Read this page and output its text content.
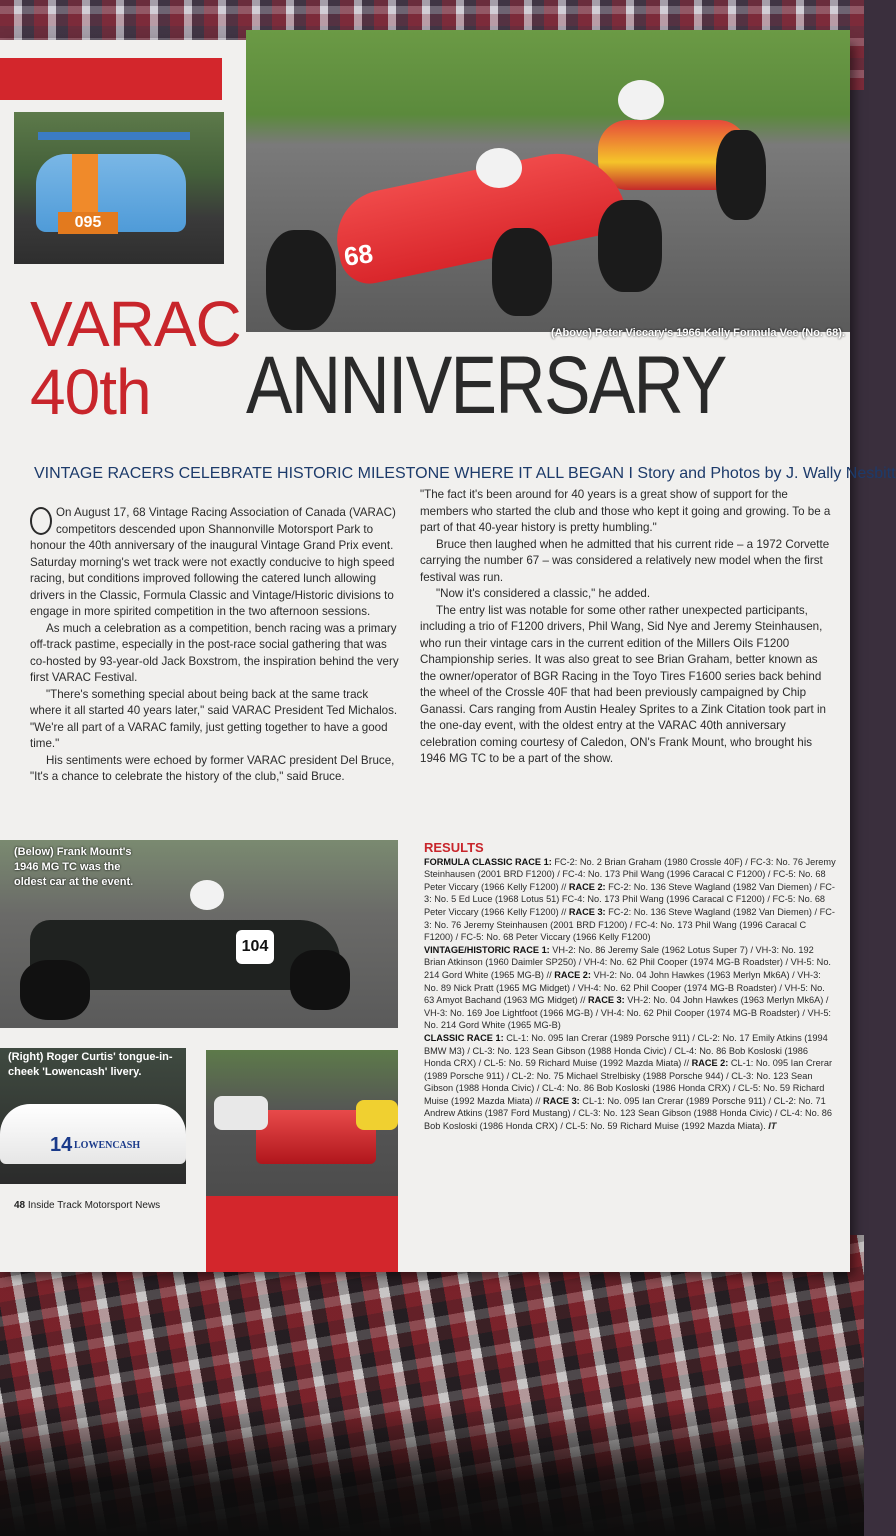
095
68
(Above) Peter Viccary's 1966 Kelly Formula Vee (No. 68).
VARAC
40th ANNIVERSARY
VINTAGE RACERS CELEBRATE HISTORIC MILESTONE WHERE IT ALL BEGAN I Story and Photos by J. Wally Nesbitt

On August 17, 68 Vintage Racing Association of Canada (VARAC) competitors descended upon Shannonville Motorsport Park to honour the 40th anniversary of the inaugural Vintage Grand Prix event. Saturday morning's wet track were not exactly conducive to high speed racing, but conditions improved following the catered lunch allowing drivers in the Classic, Formula Classic and Vintage/Historic divisions to engage in more spirited competition in the two afternoon sessions.

As much a celebration as a competition, bench racing was a primary off-track pastime, especially in the post-race social gathering that was co-hosted by 93-year-old Jack Boxstrom, the inspiration behind the very first VARAC Festival.

"There's something special about being back at the same track where it all started 40 years later," said VARAC President Ted Michalos. "We're all part of a VARAC family, just getting together to have a good time."

His sentiments were echoed by former VARAC president Del Bruce, "It's a chance to celebrate the history of the club," said Bruce.

"The fact it's been around for 40 years is a great show of support for the members who started the club and those who kept it going and growing. To be a part of that 40-year history is pretty humbling."

Bruce then laughed when he admitted that his current ride – a 1972 Corvette carrying the number 67 – was considered a relatively new model when the first festival was run.

"Now it's considered a classic," he added.

The entry list was notable for some other rather unexpected participants, including a trio of F1200 drivers, Phil Wang, Sid Nye and Jeremy Steinhausen, who run their vintage cars in the current edition of the Millers Oils F1200 Championship series. It was also great to see Brian Graham, better known as the owner/operator of BGR Racing in the Toyo Tires F1600 series back behind the wheel of the Crossle 40F that had been previously campaigned by Chip Ganassi. Cars ranging from Austin Healey Sprites to a Zink Citation took part in the one-day event, with the oldest entry at the VARAC 40th anniversary celebration coming courtesy of Caledon, ON's Frank Mount, who brought his 1946 MG TC to be a part of the show.

104
(Below) Frank Mount's 1946 MG TC was the oldest car at the event.
14 LOWENCASH
(Right) Roger Curtis' tongue-in-cheek 'Lowencash' livery.
48 Inside Track Motorsport News
RESULTS
FORMULA CLASSIC RACE 1: FC-2: No. 2 Brian Graham (1980 Crossle 40F) / FC-3: No. 76 Jeremy Steinhausen (2001 BRD F1200) / FC-4: No. 173 Phil Wang (1996 Caracal C F1200) / FC-5: No. 68 Peter Viccary (1966 Kelly F1200) // RACE 2: FC-2: No. 136 Steve Wagland (1982 Van Diemen) / FC-3: No. 5 Ed Luce (1968 Lotus 51) FC-4: No. 173 Phil Wang (1996 Caracal C F1200) / FC-5: No. 68 Peter Viccary (1966 Kelly F1200) // RACE 3: FC-2: No. 136 Steve Wagland (1982 Van Diemen) / FC-3: No. 76 Jeremy Steinhausen (2001 BRD F1200) / FC-4: No. 173 Phil Wang (1996 Caracal C F1200) / FC-5: No. 68 Peter Viccary (1966 Kelly F1200)
VINTAGE/HISTORIC RACE 1: VH-2: No. 86 Jeremy Sale (1962 Lotus Super 7) / VH-3: No. 192 Brian Atkinson (1960 Daimler SP250) / VH-4: No. 62 Phil Cooper (1974 MG-B Roadster) / VH-5: No. 214 Gord White (1965 MG-B) // RACE 2: VH-2: No. 04 John Hawkes (1963 Merlyn Mk6A) / VH-3: No. 89 Nick Pratt (1965 MG Midget) / VH-4: No. 62 Phil Cooper (1974 MG-B Roadster) / VH-5: No. 63 Amyot Bachand (1963 MG Midget) // RACE 3: VH-2: No. 04 John Hawkes (1963 Merlyn Mk6A) / VH-3: No. 169 Joe Lightfoot (1966 MG-B) / VH-4: No. 62 Phil Cooper (1974 MG-B Roadster) / VH-5: No. 214 Gord White (1965 MG-B)
CLASSIC RACE 1: CL-1: No. 095 Ian Crerar (1989 Porsche 911) / CL-2: No. 17 Emily Atkins (1994 BMW M3) / CL-3: No. 123 Sean Gibson (1988 Honda Civic) / CL-4: No. 86 Bob Kosloski (1986 Honda CRX) / CL-5: No. 59 Richard Muise (1992 Mazda Miata) // RACE 2: CL-1: No. 095 Ian Crerar (1989 Porsche 911) / CL-2: No. 75 Michael Strelbisky (1988 Porsche 944) / CL-3: No. 123 Sean Gibson (1988 Honda Civic) / CL-4: No. 86 Bob Kosloski (1986 Honda CRX) / CL-5: No. 59 Richard Muise (1992 Mazda Miata) // RACE 3: CL-1: No. 095 Ian Crerar (1989 Porsche 911) / CL-2: No. 71 Andrew Atkins (1987 Ford Mustang) / CL-3: No. 123 Sean Gibson (1988 Honda Civic) / CL-4: No. 86 Bob Kosloski (1986 Honda CRX) / CL-5: No. 59 Richard Muise (1992 Mazda Miata). IT
